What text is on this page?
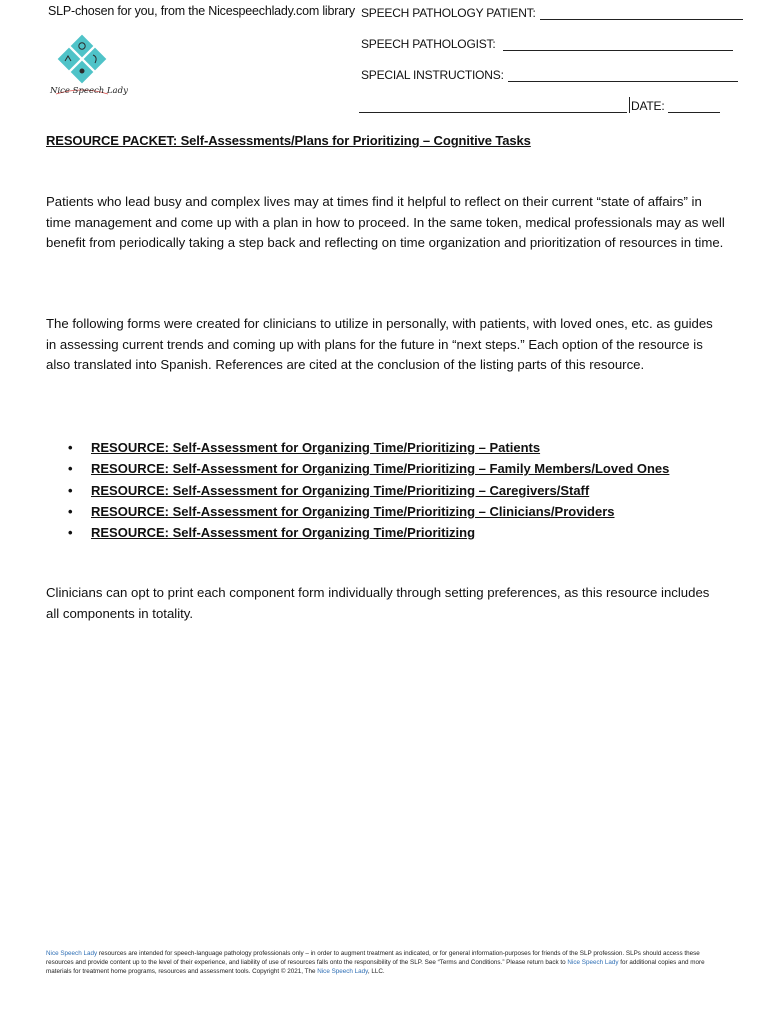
SLP-chosen for you, from the Nicespeechlady.com library
Nice Speech Lady
SPEECH PATHOLOGY PATIENT:
SPEECH PATHOLOGIST:
SPECIAL INSTRUCTIONS:
DATE:
RESOURCE PACKET: Self-Assessments/Plans for Prioritizing – Cognitive Tasks
Patients who lead busy and complex lives may at times find it helpful to reflect on their current “state of affairs” in time management and come up with a plan in how to proceed. In the same token, medical professionals may as well benefit from periodically taking a step back and reflecting on time organization and prioritization of resources in time.
The following forms were created for clinicians to utilize in personally, with patients, with loved ones, etc. as guides in assessing current trends and coming up with plans for the future in “next steps.” Each option of the resource is also translated into Spanish. References are cited at the conclusion of the listing parts of this resource.
• RESOURCE: Self-Assessment for Organizing Time/Prioritizing – Patients
• RESOURCE: Self-Assessment for Organizing Time/Prioritizing – Family Members/Loved Ones
• RESOURCE: Self-Assessment for Organizing Time/Prioritizing – Caregivers/Staff
• RESOURCE: Self-Assessment for Organizing Time/Prioritizing – Clinicians/Providers
• RESOURCE: Self-Assessment for Organizing Time/Prioritizing
Clinicians can opt to print each component form individually through setting preferences, as this resource includes all components in totality.
Nice Speech Lady resources are intended for speech-language pathology professionals only – in order to augment treatment as indicated, or for general information-purposes for friends of the SLP profession. SLPs should access these resources and provide content up to the level of their experience, and liability of use of resources falls onto the responsibility of the SLP. See “Terms and Conditions.” Please return back to Nice Speech Lady for additional copies and more materials for treatment home programs, resources and assessment tools. Copyright © 2021, The Nice Speech Lady, LLC.
